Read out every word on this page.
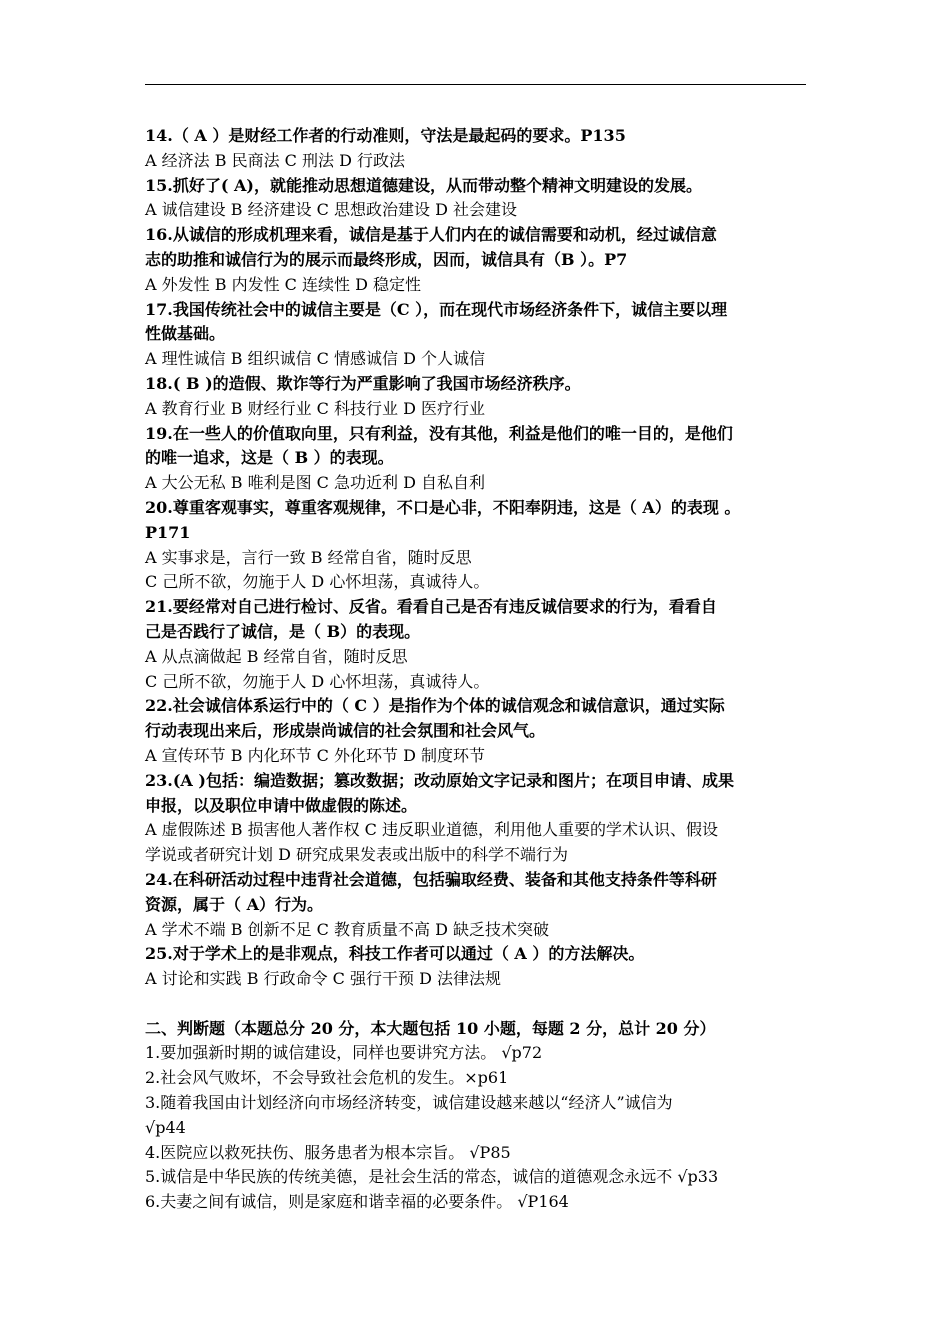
14.（ A ）是财经工作者的行动准则，守法是最起码的要求。P135
A 经济法 B 民商法 C 刑法 D 行政法
15.抓好了( A)，就能推动思想道德建设，从而带动整个精神文明建设的发展。
A 诚信建设 B 经济建设 C 思想政治建设 D 社会建设
16.从诚信的形成机理来看，诚信是基于人们内在的诚信需要和动机，经过诚信意
志的助推和诚信行为的展示而最终形成，因而，诚信具有（B ）。P7
A 外发性 B 内发性 C 连续性 D 稳定性
17.我国传统社会中的诚信主要是（C ），而在现代市场经济条件下，诚信主要以理
性做基础。
A 理性诚信 B 组织诚信 C 情感诚信 D 个人诚信
18.( B )的造假、欺诈等行为严重影响了我国市场经济秩序。
A 教育行业 B 财经行业 C 科技行业 D 医疗行业
19.在一些人的价值取向里，只有利益，没有其他，利益是他们的唯一目的，是他们
的唯一追求，这是（ B ）的表现。
A 大公无私 B 唯利是图 C 急功近利 D 自私自利
20.尊重客观事实，尊重客观规律，不口是心非，不阳奉阴违，这是（ A）的表现 。
P171
A 实事求是，言行一致 B 经常自省，随时反思
C 己所不欲，勿施于人 D 心怀坦荡，真诚待人。
21.要经常对自己进行检讨、反省。看看自己是否有违反诚信要求的行为，看看自
己是否践行了诚信，是（ B）的表现。
A 从点滴做起 B 经常自省，随时反思
C 己所不欲，勿施于人 D 心怀坦荡，真诚待人。
22.社会诚信体系运行中的（ C ）是指作为个体的诚信观念和诚信意识，通过实际
行动表现出来后，形成崇尚诚信的社会氛围和社会风气。
A 宣传环节 B 内化环节 C 外化环节 D 制度环节
23.(A )包括：编造数据；篡改数据；改动原始文字记录和图片；在项目申请、成果
申报，以及职位申请中做虚假的陈述。
A 虚假陈述 B 损害他人著作权 C 违反职业道德，利用他人重要的学术认识、假设
学说或者研究计划 D 研究成果发表或出版中的科学不端行为
24.在科研活动过程中违背社会道德，包括骗取经费、装备和其他支持条件等科研
资源，属于（ A）行为。
A 学术不端 B 创新不足 C 教育质量不高 D 缺乏技术突破
25.对于学术上的是非观点，科技工作者可以通过（ A ）的方法解决。
A 讨论和实践 B 行政命令 C 强行干预 D 法律法规
二、判断题（本题总分 20 分，本大题包括 10 小题，每题 2 分，总计 20 分）
1.要加强新时期的诚信建设，同样也要讲究方法。 √p72
2.社会风气败坏，不会导致社会危机的发生。×p61
3.随着我国由计划经济向市场经济转变，诚信建设越来越以“经济人”诚信为
√p44
4.医院应以救死扶伤、服务患者为根本宗旨。 √P85
5.诚信是中华民族的传统美德，是社会生活的常态，诚信的道德观念永远不 √p33
6.夫妻之间有诚信，则是家庭和谐幸福的必要条件。 √P164
